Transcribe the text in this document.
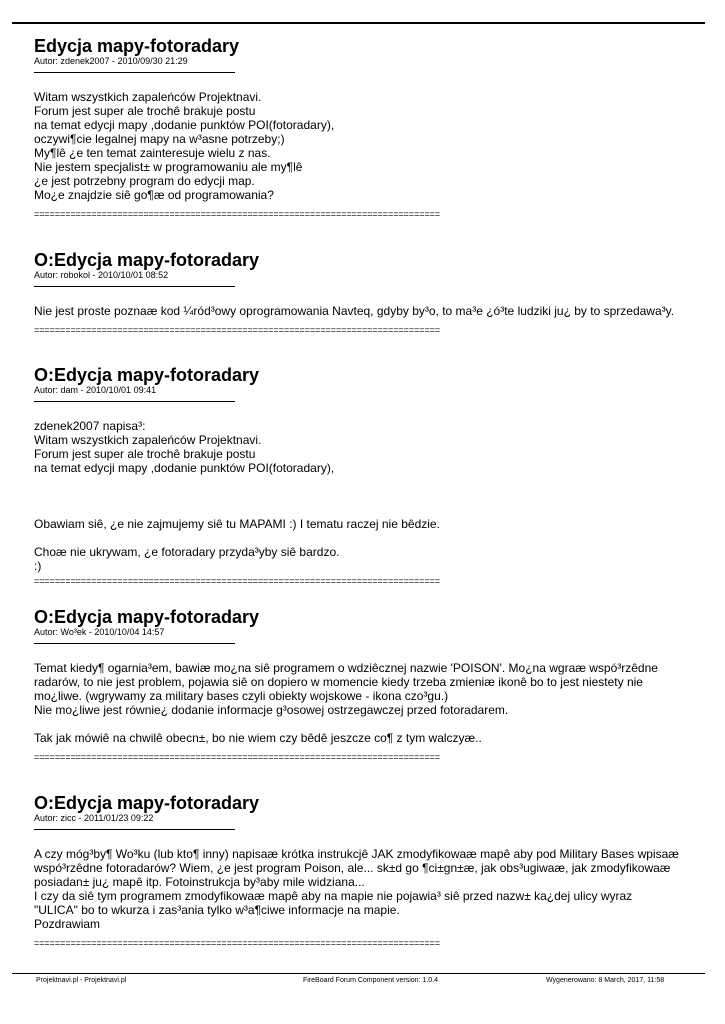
Edycja mapy-fotoradary
Autor: zdenek2007 - 2010/09/30 21:29
Witam wszystkich zapaleńców Projektnavi.
Forum jest super ale trochê brakuje postu
na temat edycji mapy ,dodanie punktów POI(fotoradary),
oczywi¶cie legalnej mapy na w³asne potrzeby;)
My¶lê ¿e ten temat zainteresuje wielu z nas.
Nie jestem specjalist± w programowaniu ale my¶lê
¿e jest potrzebny program do edycji map.
Mo¿e znajdzie siê go¶æ od programowania?
==============================================================================
O:Edycja mapy-fotoradary
Autor: robokol - 2010/10/01 08:52
Nie jest proste poznaæ kod ¼ród³owy oprogramowania Navteq, gdyby by³o, to ma³e ¿ó³te ludziki ju¿ by to sprzedawa³y.
==============================================================================
O:Edycja mapy-fotoradary
Autor: dam - 2010/10/01 09:41
zdenek2007 napisa³:
Witam wszystkich zapaleńców Projektnavi.
Forum jest super ale trochê brakuje postu
na temat edycji mapy ,dodanie punktów POI(fotoradary),
Obawiam siê, ¿e nie zajmujemy siê tu MAPAMI :) I tematu raczej nie bêdzie.
Choæ nie ukrywam, ¿e fotoradary przyda³yby siê bardzo.
:)
==============================================================================
O:Edycja mapy-fotoradary
Autor: Wo³ek - 2010/10/04 14:57
Temat kiedy¶ ogarnia³em, bawiæ mo¿na siê programem o wdziêcznej nazwie 'POISON'. Mo¿na wgraæ wspó³rzêdne
radarów, to nie jest problem, pojawia siê on dopiero w momencie kiedy trzeba zmieniæ ikonê bo to jest niestety nie
mo¿liwe. (wgrywamy za military bases czyli obiekty wojskowe - ikona czo³gu.)
Nie mo¿liwe jest równie¿ dodanie informacje g³osowej ostrzegawczej przed fotoradarem.
Tak jak mówiê na chwilê obecn±, bo nie wiem czy bêdê jeszcze co¶ z tym walczyæ..
==============================================================================
O:Edycja mapy-fotoradary
Autor: zicc - 2011/01/23 09:22
A czy móg³by¶ Wo³ku (lub kto¶ inny) napisaæ krótka instrukcjê JAK zmodyfikowaæ mapê aby pod Military Bases wpisaæ
wspó³rzêdne fotoradarów? Wiem, ¿e jest program Poison, ale... sk±d go ¶ci±gn±æ, jak obs³ugiwaæ, jak zmodyfikowaæ
posiadan± ju¿ mapê itp. Fotoinstrukcja by³aby mile widziana...
I czy da siê tym programem zmodyfikowaæ mapê aby na mapie nie pojawia³ siê przed nazw± ka¿dej ulicy wyraz
"ULICA" bo to wkurza i zas³ania tylko w³a¶ciwe informacje na mapie.
Pozdrawiam
==============================================================================
Projektnavi.pl - Projektnavi.pl	FireBoard Forum Component version: 1.0.4	Wygenerowano: 8 March, 2017, 11:58
